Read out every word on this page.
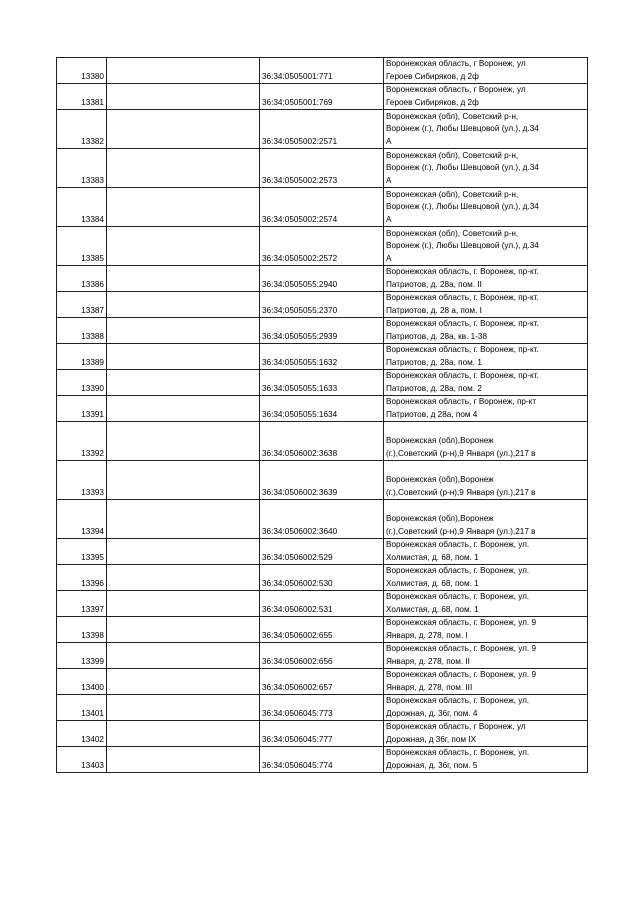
13380		36:34:0505001:771	Воронежская область, г Воронеж, ул
Героев Сибиряков, д 2ф

13381		36:34:0505001:769	Воронежская область, г Воронеж, ул
Героев Сибиряков, д 2ф

13382		36:34:0505002:2571	Воронежская (обл), Советский р-н,
Воронеж (г.), Любы Шевцовой (ул.), д.34
А

13383		36:34:0505002:2573	Воронежская (обл), Советский р-н,
Воронеж (г.), Любы Шевцовой (ул.), д.34
А

13384		36:34:0505002:2574	Воронежская (обл), Советский р-н,
Воронеж (г.), Любы Шевцовой (ул.), д.34
А

13385		36:34:0505002:2572	Воронежская (обл), Советский р-н,
Воронеж (г.), Любы Шевцовой (ул.), д.34
А

13386		36:34:0505055:2940	Воронежская область, г. Воронеж, пр-кт.
Патриотов, д. 28а, пом. II

13387		36:34:0505055:2370	Воронежская область, г. Воронеж, пр-кт.
Патриотов, д. 28 а, пом. I

13388		36:34:0505055:2939	Воронежская область, г. Воронеж, пр-кт.
Патриотов, д. 28а, кв. 1-38

13389		36:34:0505055:1632	Воронежская область, г. Воронеж, пр-кт.
Патриотов, д. 28а, пом. 1

13390		36:34:0505055:1633	Воронежская область, г. Воронеж, пр-кт.
Патриотов, д. 28а, пом. 2

13391		36:34:0505055:1634	Воронежская область, г Воронеж, пр-кт
Патриотов, д 28а, пом 4

13392		36:34:0506002:3638	Воронежская (обл),Воронеж
(г.),Советский (р-н),9 Января (ул.),217 в

13393		36:34:0506002:3639	Воронежская (обл),Воронеж
(г.),Советский (р-н),9 Января (ул.),217 в

13394		36:34:0506002:3640	Воронежская (обл),Воронеж
(г.),Советский (р-н),9 Января (ул.),217 в

13395		36:34:0506002:529	Воронежская область, г. Воронеж, ул.
Холмистая, д. 68, пом. 1

13396		36:34:0506002:530	Воронежская область, г. Воронеж, ул.
Холмистая, д. 68, пом. 1

13397		36:34:0506002:531	Воронежская область, г. Воронеж, ул.
Холмистая, д. 68, пом. 1

13398		36:34:0506002:655	Воронежская область, г. Воронеж, ул. 9
Января, д. 278, пом. I

13399		36:34:0506002:656	Воронежская область, г. Воронеж, ул. 9
Января, д. 278, пом. II

13400		36:34:0506002:657	Воронежская область, г. Воронеж, ул. 9
Января, д. 278, пом. III

13401		36:34:0506045:773	Воронежская область, г. Воронеж, ул.
Дорожная, д. 36г, пом. 4

13402		36:34:0506045:777	Воронежская область, г Воронеж, ул
Дорожная, д 36г, пом IX

13403		36:34:0506045:774	Воронежская область, г. Воронеж, ул.
Дорожная, д. 36г, пом. 5
